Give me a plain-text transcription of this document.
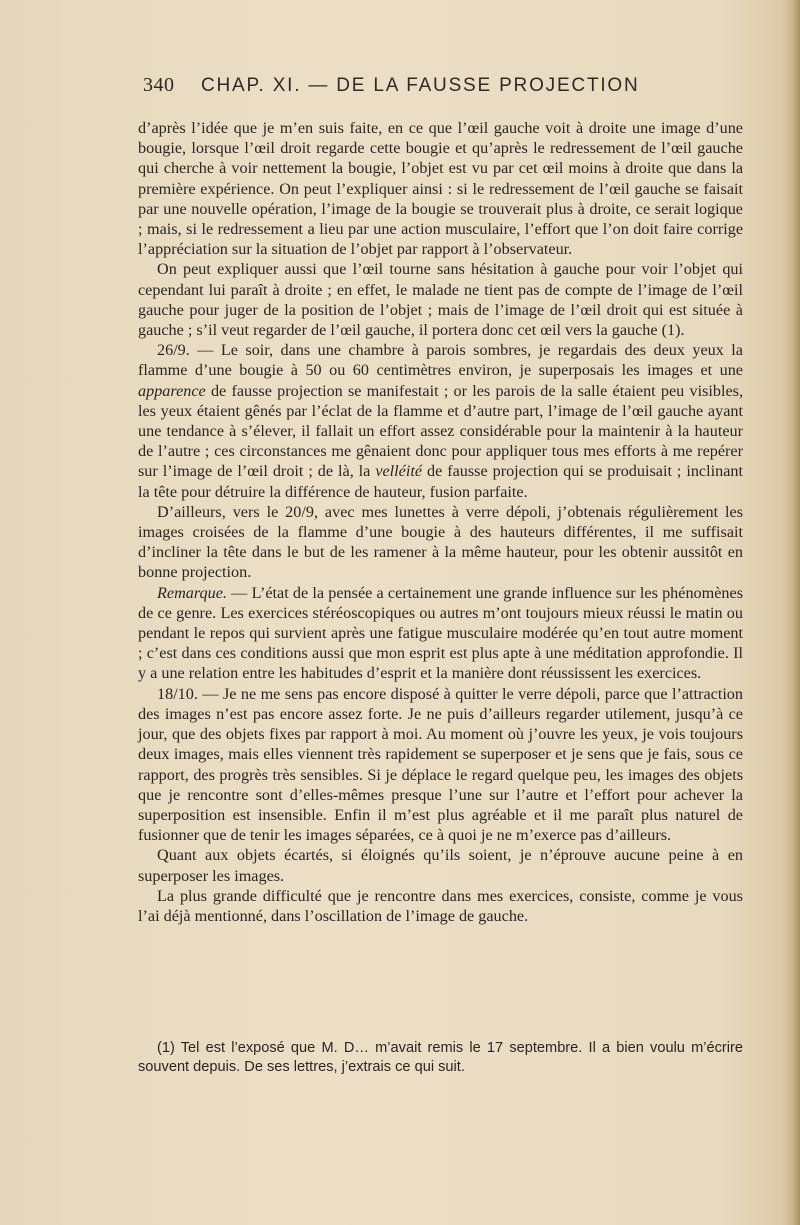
340	CHAP. XI. — DE LA FAUSSE PROJECTION

d’après l’idée que je m’en suis faite, en ce que l’œil gauche voit à droite une image d’une bougie, lorsque l’œil droit regarde cette bougie et qu’après le redressement de l’œil gauche qui cherche à voir nettement la bougie, l’objet est vu par cet œil moins à droite que dans la première expérience. On peut l’expliquer ainsi : si le redressement de l’œil gauche se faisait par une nouvelle opération, l’image de la bougie se trouverait plus à droite, ce serait logique ; mais, si le redressement a lieu par une action musculaire, l’effort que l’on doit faire corrige l’appréciation sur la situation de l’objet par rapport à l’observateur.

On peut expliquer aussi que l’œil tourne sans hésitation à gauche pour voir l’objet qui cependant lui paraît à droite ; en effet, le malade ne tient pas de compte de l’image de l’œil gauche pour juger de la position de l’objet ; mais de l’image de l’œil droit qui est située à gauche ; s’il veut regarder de l’œil gauche, il portera donc cet œil vers la gauche (1).

26/9. — Le soir, dans une chambre à parois sombres, je regardais des deux yeux la flamme d’une bougie à 50 ou 60 centimètres environ, je superposais les images et une apparence de fausse projection se manifestait ; or les parois de la salle étaient peu visibles, les yeux étaient gênés par l’éclat de la flamme et d’autre part, l’image de l’œil gauche ayant une tendance à s’élever, il fallait un effort assez considérable pour la maintenir à la hauteur de l’autre ; ces circonstances me gênaient donc pour appliquer tous mes efforts à me repérer sur l’image de l’œil droit ; de là, la velléité de fausse projection qui se produisait ; inclinant la tête pour détruire la différence de hauteur, fusion parfaite.

D’ailleurs, vers le 20/9, avec mes lunettes à verre dépoli, j’obtenais régulièrement les images croisées de la flamme d’une bougie à des hauteurs différentes, il me suffisait d’incliner la tête dans le but de les ramener à la même hauteur, pour les obtenir aussitôt en bonne projection.

Remarque. — L’état de la pensée a certainement une grande influence sur les phénomènes de ce genre. Les exercices stéréoscopiques ou autres m’ont toujours mieux réussi le matin ou pendant le repos qui survient après une fatigue musculaire modérée qu’en tout autre moment ; c’est dans ces conditions aussi que mon esprit est plus apte à une méditation approfondie. Il y a une relation entre les habitudes d’esprit et la manière dont réussissent les exercices.

18/10. — Je ne me sens pas encore disposé à quitter le verre dépoli, parce que l’attraction des images n’est pas encore assez forte. Je ne puis d’ailleurs regarder utilement, jusqu’à ce jour, que des objets fixes par rapport à moi. Au moment où j’ouvre les yeux, je vois toujours deux images, mais elles viennent très rapidement se superposer et je sens que je fais, sous ce rapport, des progrès très sensibles. Si je déplace le regard quelque peu, les images des objets que je rencontre sont d’elles-mêmes presque l’une sur l’autre et l’effort pour achever la superposition est insensible. Enfin il m’est plus agréable et il me paraît plus naturel de fusionner que de tenir les images séparées, ce à quoi je ne m’exerce pas d’ailleurs.

Quant aux objets écartés, si éloignés qu’ils soient, je n’éprouve aucune peine à en superposer les images.

La plus grande difficulté que je rencontre dans mes exercices, consiste, comme je vous l’ai déjà mentionné, dans l’oscillation de l’image de gauche.

(1) Tel est l’exposé que M. D… m’avait remis le 17 septembre. Il a bien voulu m’écrire souvent depuis. De ses lettres, j’extrais ce qui suit.
